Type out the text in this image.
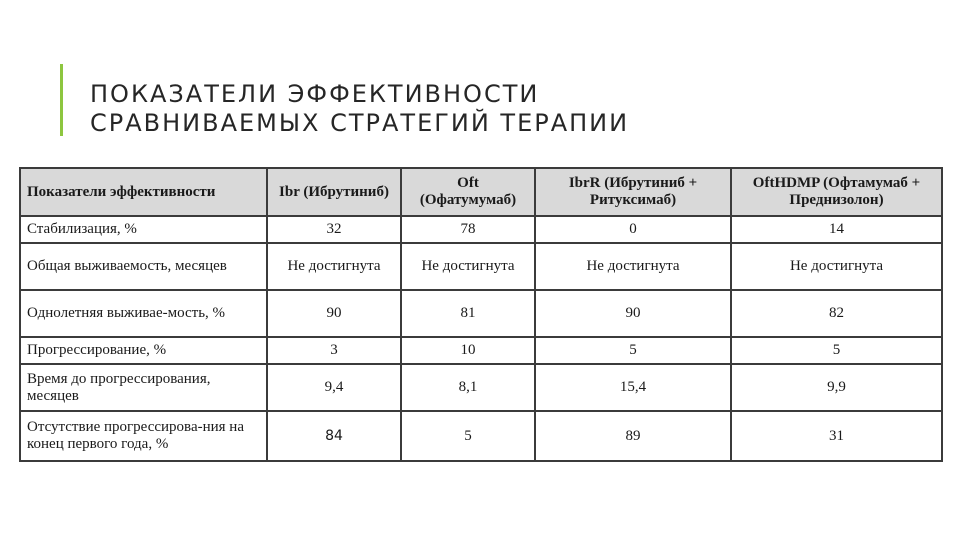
ПОКАЗАТЕЛИ ЭФФЕКТИВНОСТИ
СРАВНИВАЕМЫХ СТРАТЕГИЙ ТЕРАПИИ
Показатели эффективности	Ibr (Ибрутиниб)	Oft (Офатумумаб)	IbrR (Ибрутиниб + Ритуксимаб)	OftHDMP (Офтамумаб + Преднизолон)
Стабилизация, %	32	78	0	14
Общая выживаемость, месяцев	Не достигнута	Не достигнута	Не достигнута	Не достигнута
Однолетняя выживае-мость, %	90	81	90	82
Прогрессирование, %	3	10	5	5
Время до прогрессирования, месяцев	9,4	8,1	15,4	9,9
Отсутствие прогрессирова-ния на конец первого года, %	84	5	89	31
